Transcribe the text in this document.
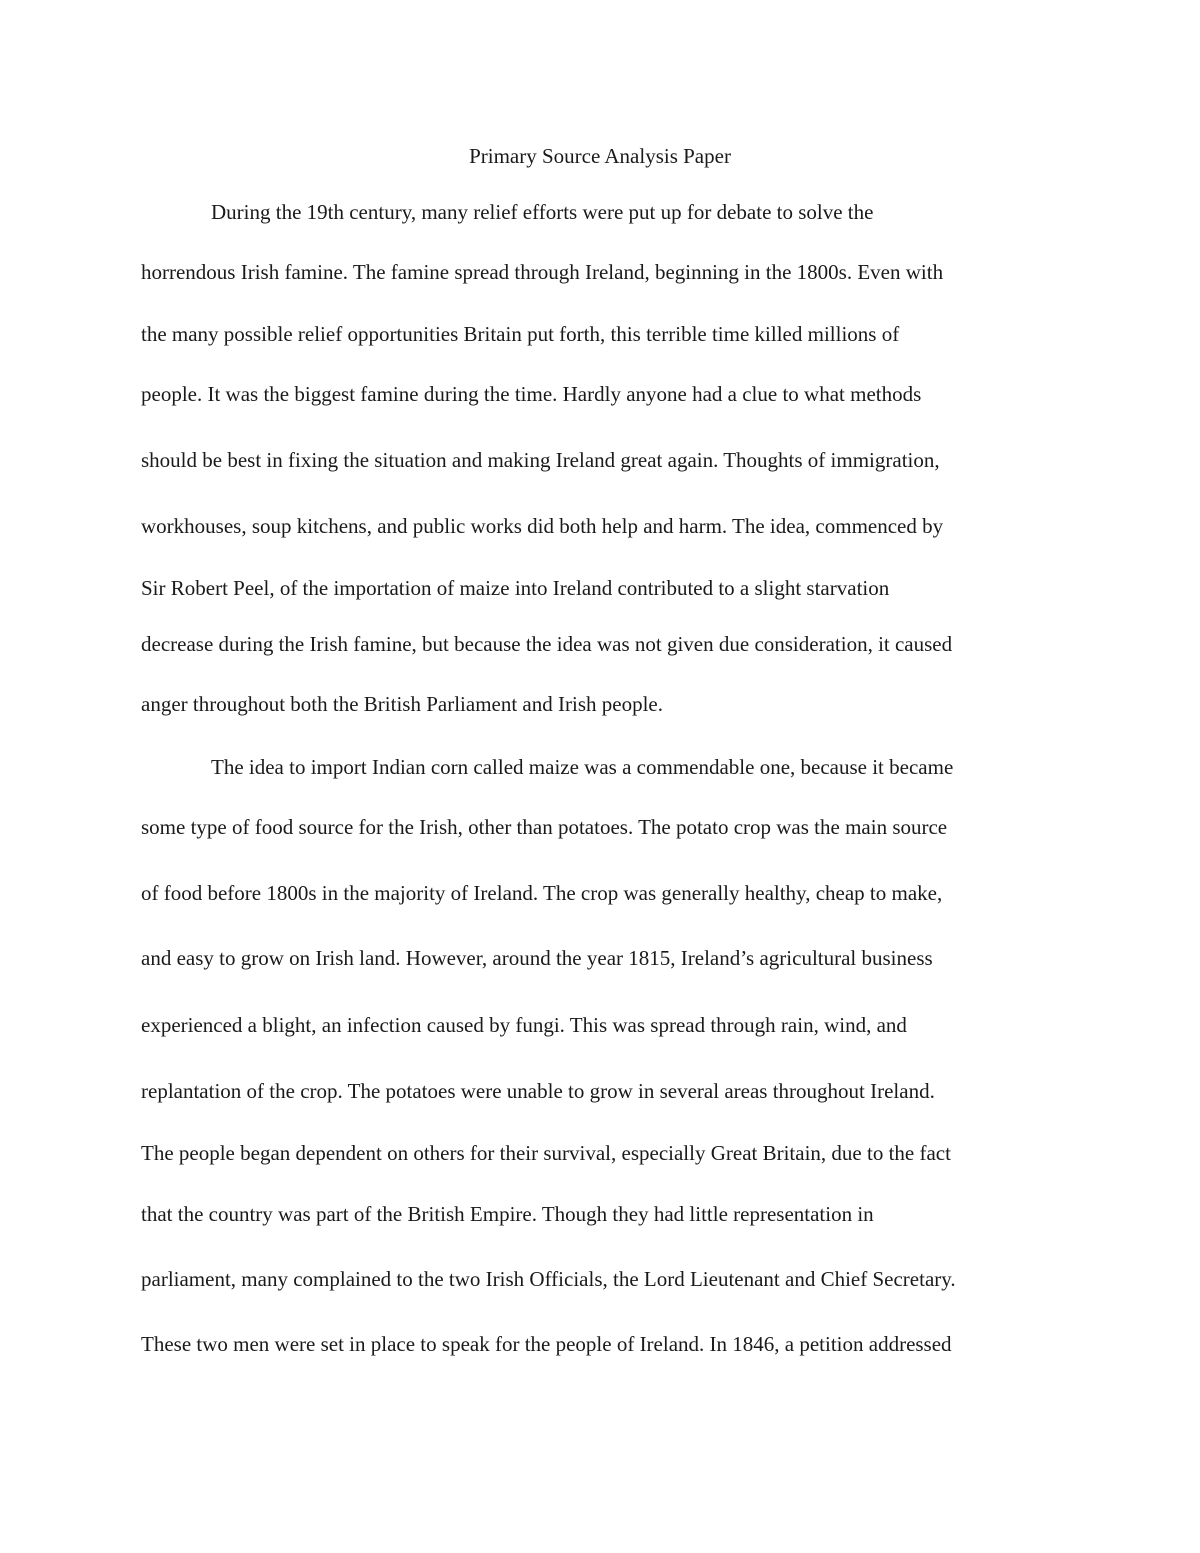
Primary Source Analysis Paper
During the 19th century, many relief efforts were put up for debate to solve the
horrendous Irish famine. The famine spread through Ireland, beginning in the 1800s. Even with
the many possible relief opportunities Britain put forth, this terrible time killed millions of
people. It was the biggest famine during the time. Hardly anyone had a clue to what methods
should be best in fixing the situation and making Ireland great again. Thoughts of immigration,
workhouses, soup kitchens, and public works did both help and harm. The idea, commenced by
Sir Robert Peel, of the importation of maize into Ireland contributed to a slight starvation
decrease during the Irish famine, but because the idea was not given due consideration, it caused
anger throughout both the British Parliament and Irish people.
The idea to import Indian corn called maize was a commendable one, because it became
some type of food source for the Irish, other than potatoes. The potato crop was the main source
of food before 1800s in the majority of Ireland. The crop was generally healthy, cheap to make,
and easy to grow on Irish land. However, around the year 1815, Ireland’s agricultural business
experienced a blight, an infection caused by fungi. This was spread through rain, wind, and
replantation of the crop. The potatoes were unable to grow in several areas throughout Ireland.
The people began dependent on others for their survival, especially Great Britain, due to the fact
that the country was part of the British Empire. Though they had little representation in
parliament, many complained to the two Irish Officials, the Lord Lieutenant and Chief Secretary.
These two men were set in place to speak for the people of Ireland. In 1846, a petition addressed
